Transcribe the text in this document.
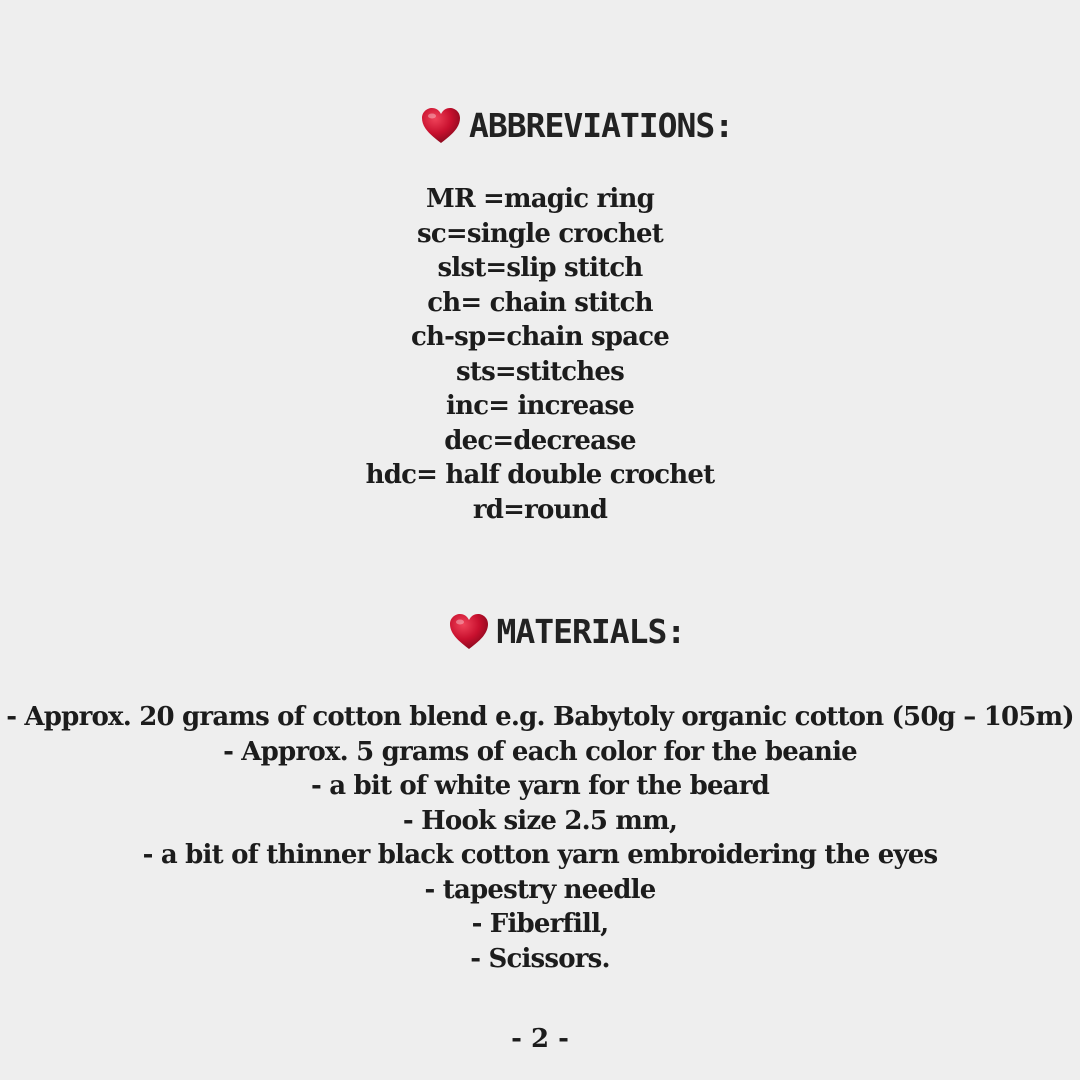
ABBREVIATIONS:
MR =magic ring
sc=single crochet
slst=slip stitch
ch= chain stitch
ch-sp=chain space
sts=stitches
inc= increase
dec=decrease
hdc= half double crochet
rd=round
MATERIALS:
- Approx. 20 grams of cotton blend e.g. Babytoly organic cotton (50g – 105m)
- Approx. 5 grams of each color for the beanie
- a bit of white yarn for the beard
- Hook size 2.5 mm,
- a bit of thinner black cotton yarn embroidering the eyes
- tapestry needle
- Fiberfill,
- Scissors.
- 2 -
